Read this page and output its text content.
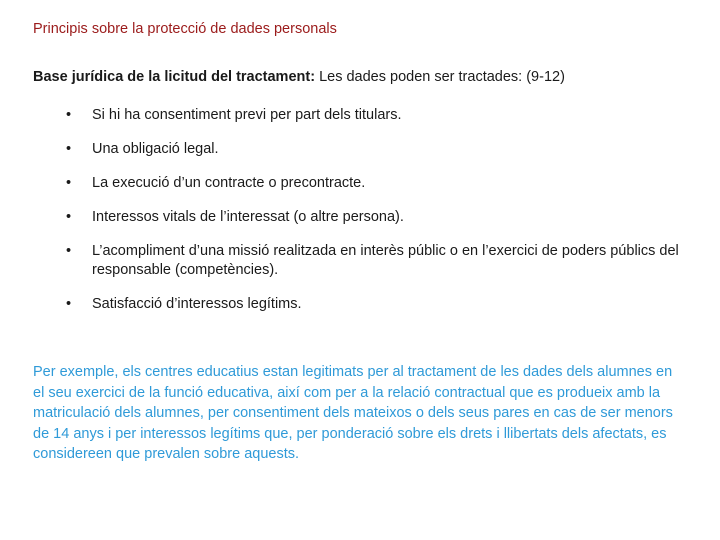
Principis sobre la protecció de dades personals
Base jurídica de la licitud del tractament: Les dades poden ser tractades: (9-12)
• Si hi ha consentiment previ per part dels titulars.
• Una obligació legal.
• La execució d’un contracte o precontracte.
• Interessos vitals de l’interessat (o altre persona).
• L’acompliment d’una missió realitzada en interès públic o en l’exercici de poders públics del responsable (competències).
• Satisfacció d’interessos legítims.

Per exemple, els centres educatius estan legitimats per al tractament de les dades dels alumnes en el seu exercici de la funció educativa, així com per a la relació contractual que es produeix amb la matriculació dels alumnes, per consentiment dels mateixos o dels seus pares en cas de ser menors de 14 anys i per interessos legítims que, per ponderació sobre els drets i llibertats dels afectats, es considereen que prevalen sobre aquests.
